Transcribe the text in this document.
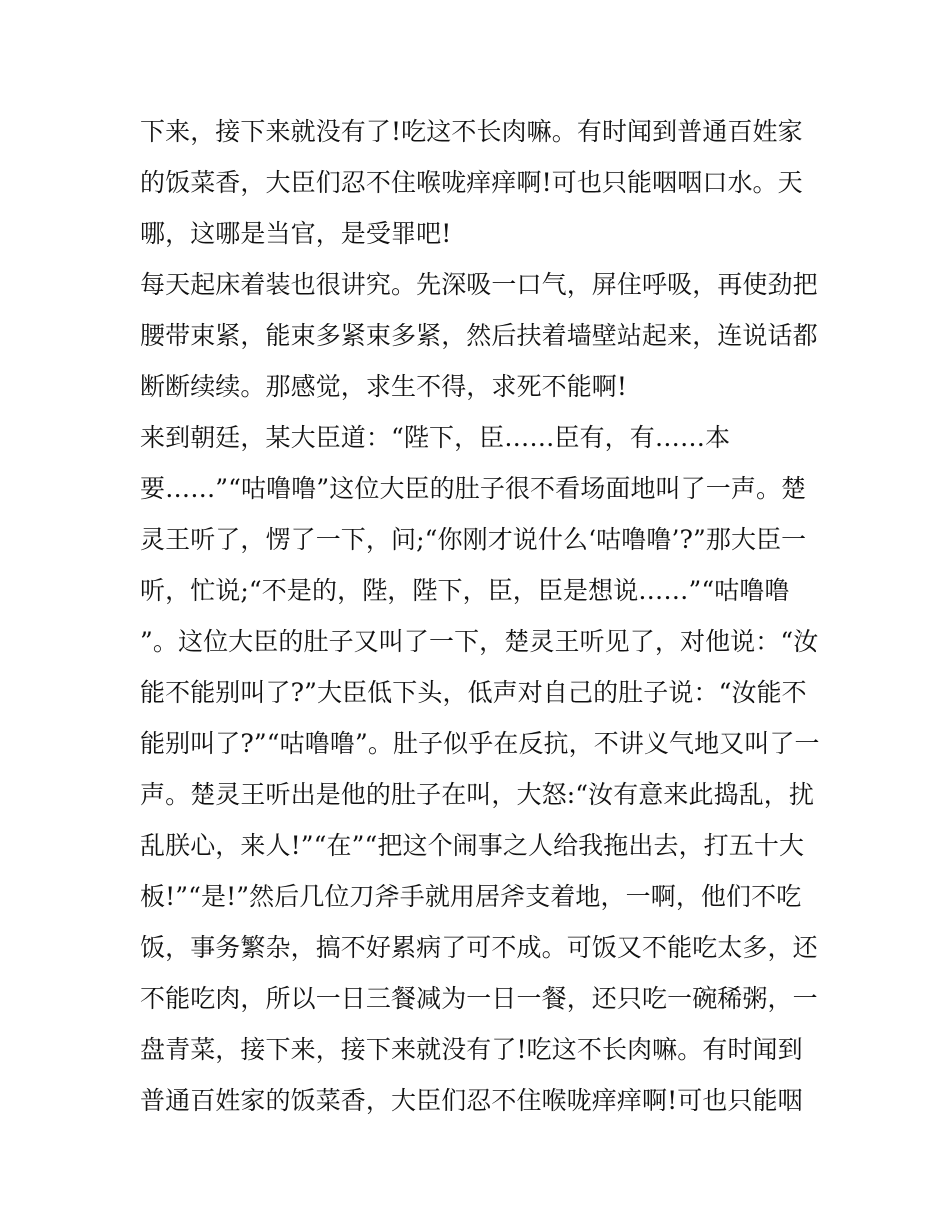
下来，接下来就没有了!吃这不长肉嘛。有时闻到普通百姓家
的饭菜香，大臣们忍不住喉咙痒痒啊!可也只能咽咽口水。天
哪，这哪是当官，是受罪吧!
每天起床着装也很讲究。先深吸一口气，屏住呼吸，再使劲把
腰带束紧，能束多紧束多紧，然后扶着墙壁站起来，连说话都
断断续续。那感觉，求生不得，求死不能啊!
来到朝廷，某大臣道：“陛下，臣……臣有，有……本
要……”“咕噜噜”这位大臣的肚子很不看场面地叫了一声。楚
灵王听了，愣了一下，问;“你刚才说什么‘咕噜噜’?”那大臣一
听，忙说;“不是的，陛，陛下，臣，臣是想说……”“咕噜噜
”。这位大臣的肚子又叫了一下，楚灵王听见了，对他说：“汝
能不能别叫了?”大臣低下头，低声对自己的肚子说：“汝能不
能别叫了?”“咕噜噜”。肚子似乎在反抗，不讲义气地又叫了一
声。楚灵王听出是他的肚子在叫，大怒:“汝有意来此捣乱，扰
乱朕心，来人!”“在”“把这个闹事之人给我拖出去，打五十大
板!”“是!”然后几位刀斧手就用居斧支着地，一啊，他们不吃
饭，事务繁杂，搞不好累病了可不成。可饭又不能吃太多，还
不能吃肉，所以一日三餐减为一日一餐，还只吃一碗稀粥，一
盘青菜，接下来，接下来就没有了!吃这不长肉嘛。有时闻到
普通百姓家的饭菜香，大臣们忍不住喉咙痒痒啊!可也只能咽
